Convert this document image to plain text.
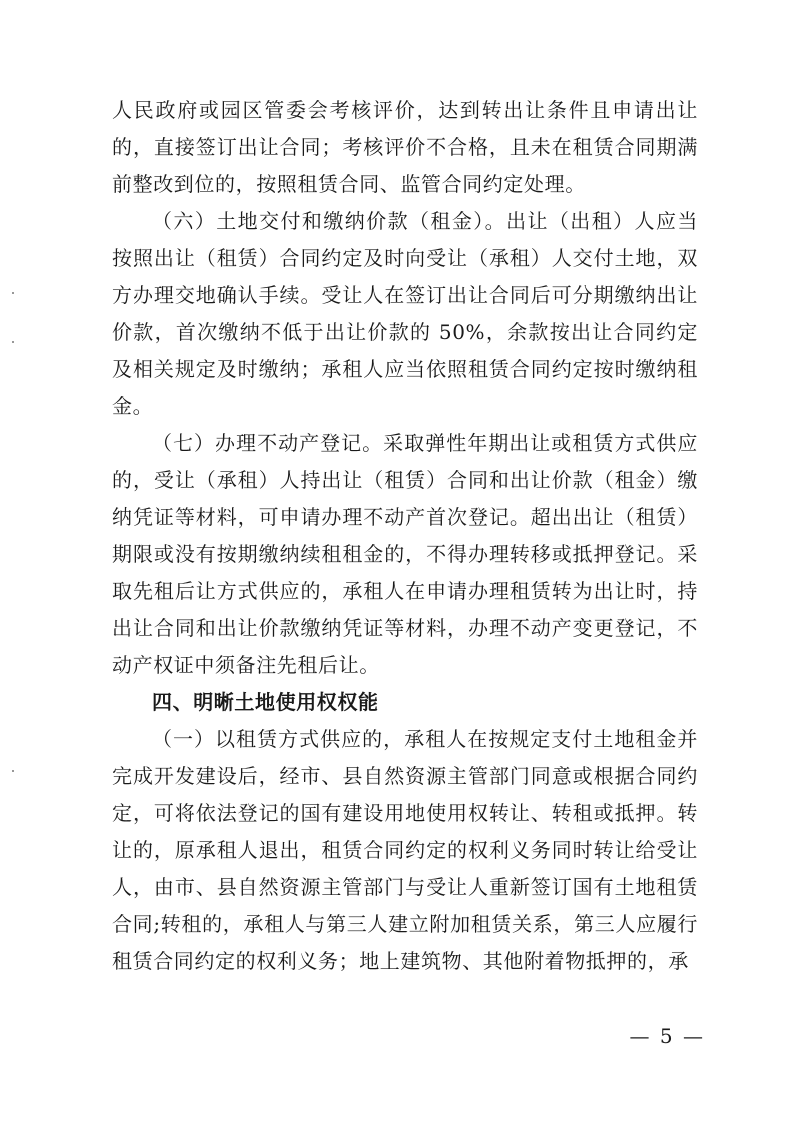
人民政府或园区管委会考核评价，达到转出让条件且申请出让的，直接签订出让合同；考核评价不合格，且未在租赁合同期满前整改到位的，按照租赁合同、监管合同约定处理。

（六）土地交付和缴纳价款（租金）。出让（出租）人应当按照出让（租赁）合同约定及时向受让（承租）人交付土地，双方办理交地确认手续。受让人在签订出让合同后可分期缴纳出让价款，首次缴纳不低于出让价款的 50%，余款按出让合同约定及相关规定及时缴纳；承租人应当依照租赁合同约定按时缴纳租金。

（七）办理不动产登记。采取弹性年期出让或租赁方式供应的，受让（承租）人持出让（租赁）合同和出让价款（租金）缴纳凭证等材料，可申请办理不动产首次登记。超出出让（租赁）期限或没有按期缴纳续租租金的，不得办理转移或抵押登记。采取先租后让方式供应的，承租人在申请办理租赁转为出让时，持出让合同和出让价款缴纳凭证等材料，办理不动产变更登记，不动产权证中须备注先租后让。

四、明晰土地使用权权能

（一）以租赁方式供应的，承租人在按规定支付土地租金并完成开发建设后，经市、县自然资源主管部门同意或根据合同约定，可将依法登记的国有建设用地使用权转让、转租或抵押。转让的，原承租人退出，租赁合同约定的权利义务同时转让给受让人，由市、县自然资源主管部门与受让人重新签订国有土地租赁合同;转租的，承租人与第三人建立附加租赁关系，第三人应履行租赁合同约定的权利义务；地上建筑物、其他附着物抵押的，承

— 5 —
